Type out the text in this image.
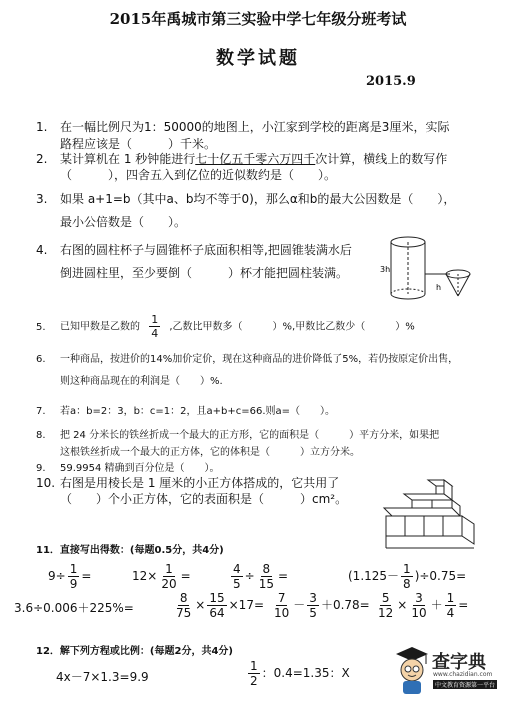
2015年禹城市第三实验中学七年级分班考试
数学试题
2015.9
1. 在一幅比例尺为1：50000的地图上，小江家到学校的距离是3厘米，实际
路程应该是（　　　）千米。
2. 某计算机在 1 秒钟能进行七十亿五千零六万四千次计算，横线上的数写作
（　　　），四舍五入到亿位的近似数约是（　　）。
3. 如果 a+1=b（其中a、b均不等于0)，那么α和b的最大公因数是（　　），
最小公倍数是（　　）。
4. 右图的圆柱杯子与圆锥杯子底面积相等,把圆锥装满水后
倒进圆柱里，至少要倒（　　　）杯才能把圆柱装满。	3h
h
5. 已知甲数是乙数的 $\frac{1}{4}$ ,乙数比甲数多（　　　）%,甲数比乙数少（　　　）%
6. 一种商品，按进价的14%加价定价，现在这种商品的进价降低了5%，若仍按原定价出售，
则这种商品现在的利润是（　　）%.
7. 若a：b=2：3，b：c=1：2，且a+b+c=66.则a=（　　）。
8. 把 24 分米长的铁丝折成一个最大的正方形，它的面积是（　　　）平方分米，如果把
这根铁丝折成一个最大的正方体，它的体积是（　　　）立方分米。
9. 59.9954 精确到百分位是（　　）。
10. 右图是用棱长是 1 厘米的小正方体搭成的，它共用了
（　　）个小正方体，它的表面积是（　　　）cm²。
11．直接写出得数：(每题0.5分，共4分)
$9\div \frac{1}{9}$ =	$12\times \frac{1}{20}$ =	$\frac{4}{5} \div \frac{8}{15}$ =	$(1.125- \frac{1}{8} )\div 0.75=$
3.6÷0.006＋225%=	$\frac{8}{75} \times \frac{15}{64} \times 17= \frac{7}{10} - \frac{3}{5} +0.78= \frac{5}{12} \times \frac{3}{10} + \frac{1}{4}$ =
12．解下列方程或比例：(每题2分，共4分)
4x－7×1.3=9.9	$\frac{1}{2}$ ：0.4=1.35：X	查字典
www.chazidian.com
中文教育资源第一平台
